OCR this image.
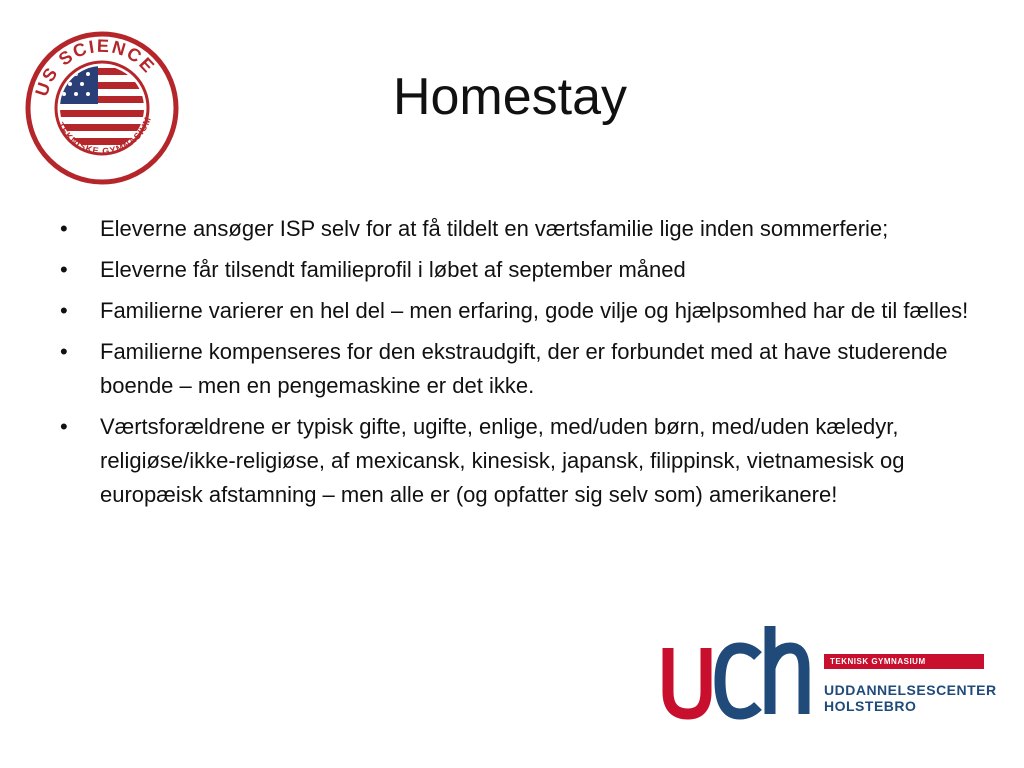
US SCIENCE
TEKNISKE GYMNASIUM	Homestay
• Eleverne ansøger ISP selv for at få tildelt en værtsfamilie lige inden sommerferie;
• Eleverne får tilsendt familieprofil i løbet af september måned
• Familierne varierer en hel del – men erfaring, gode vilje og hjælpsomhed har de til fælles!
• Familierne kompenseres for den ekstraudgift, der er forbundet med at have studerende boende – men en pengemaskine er det ikke.
• Værtsforældrene er typisk gifte, ugifte, enlige, med/uden børn, med/uden kæledyr, religiøse/ikke-religiøse, af mexicansk, kinesisk, japansk, filippinsk, vietnamesisk og europæisk afstamning – men alle er (og opfatter sig selv som) amerikanere!
TEKNISK GYMNASIUM
UDDANNELSESCENTER
HOLSTEBRO
